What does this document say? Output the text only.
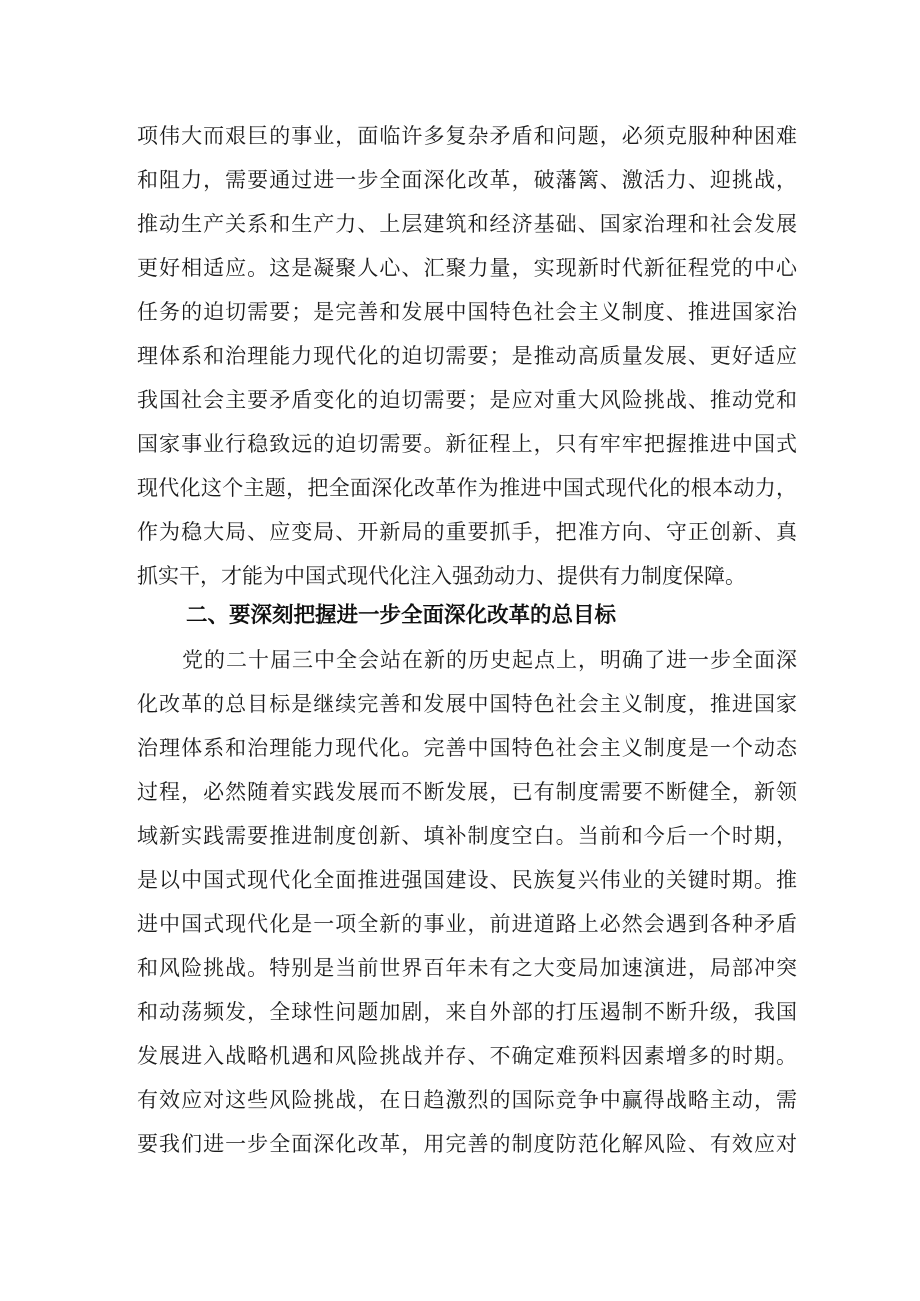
项伟大而艰巨的事业，面临许多复杂矛盾和问题，必须克服种种困难
和阻力，需要通过进一步全面深化改革，破藩篱、激活力、迎挑战，
推动生产关系和生产力、上层建筑和经济基础、国家治理和社会发展
更好相适应。这是凝聚人心、汇聚力量，实现新时代新征程党的中心
任务的迫切需要；是完善和发展中国特色社会主义制度、推进国家治
理体系和治理能力现代化的迫切需要；是推动高质量发展、更好适应
我国社会主要矛盾变化的迫切需要；是应对重大风险挑战、推动党和
国家事业行稳致远的迫切需要。新征程上，只有牢牢把握推进中国式
现代化这个主题，把全面深化改革作为推进中国式现代化的根本动力，
作为稳大局、应变局、开新局的重要抓手，把准方向、守正创新、真
抓实干，才能为中国式现代化注入强劲动力、提供有力制度保障。
二、要深刻把握进一步全面深化改革的总目标
党的二十届三中全会站在新的历史起点上，明确了进一步全面深
化改革的总目标是继续完善和发展中国特色社会主义制度，推进国家
治理体系和治理能力现代化。完善中国特色社会主义制度是一个动态
过程，必然随着实践发展而不断发展，已有制度需要不断健全，新领
域新实践需要推进制度创新、填补制度空白。当前和今后一个时期，
是以中国式现代化全面推进强国建设、民族复兴伟业的关键时期。推
进中国式现代化是一项全新的事业，前进道路上必然会遇到各种矛盾
和风险挑战。特别是当前世界百年未有之大变局加速演进，局部冲突
和动荡频发，全球性问题加剧，来自外部的打压遏制不断升级，我国
发展进入战略机遇和风险挑战并存、不确定难预料因素增多的时期。
有效应对这些风险挑战，在日趋激烈的国际竞争中赢得战略主动，需
要我们进一步全面深化改革，用完善的制度防范化解风险、有效应对
